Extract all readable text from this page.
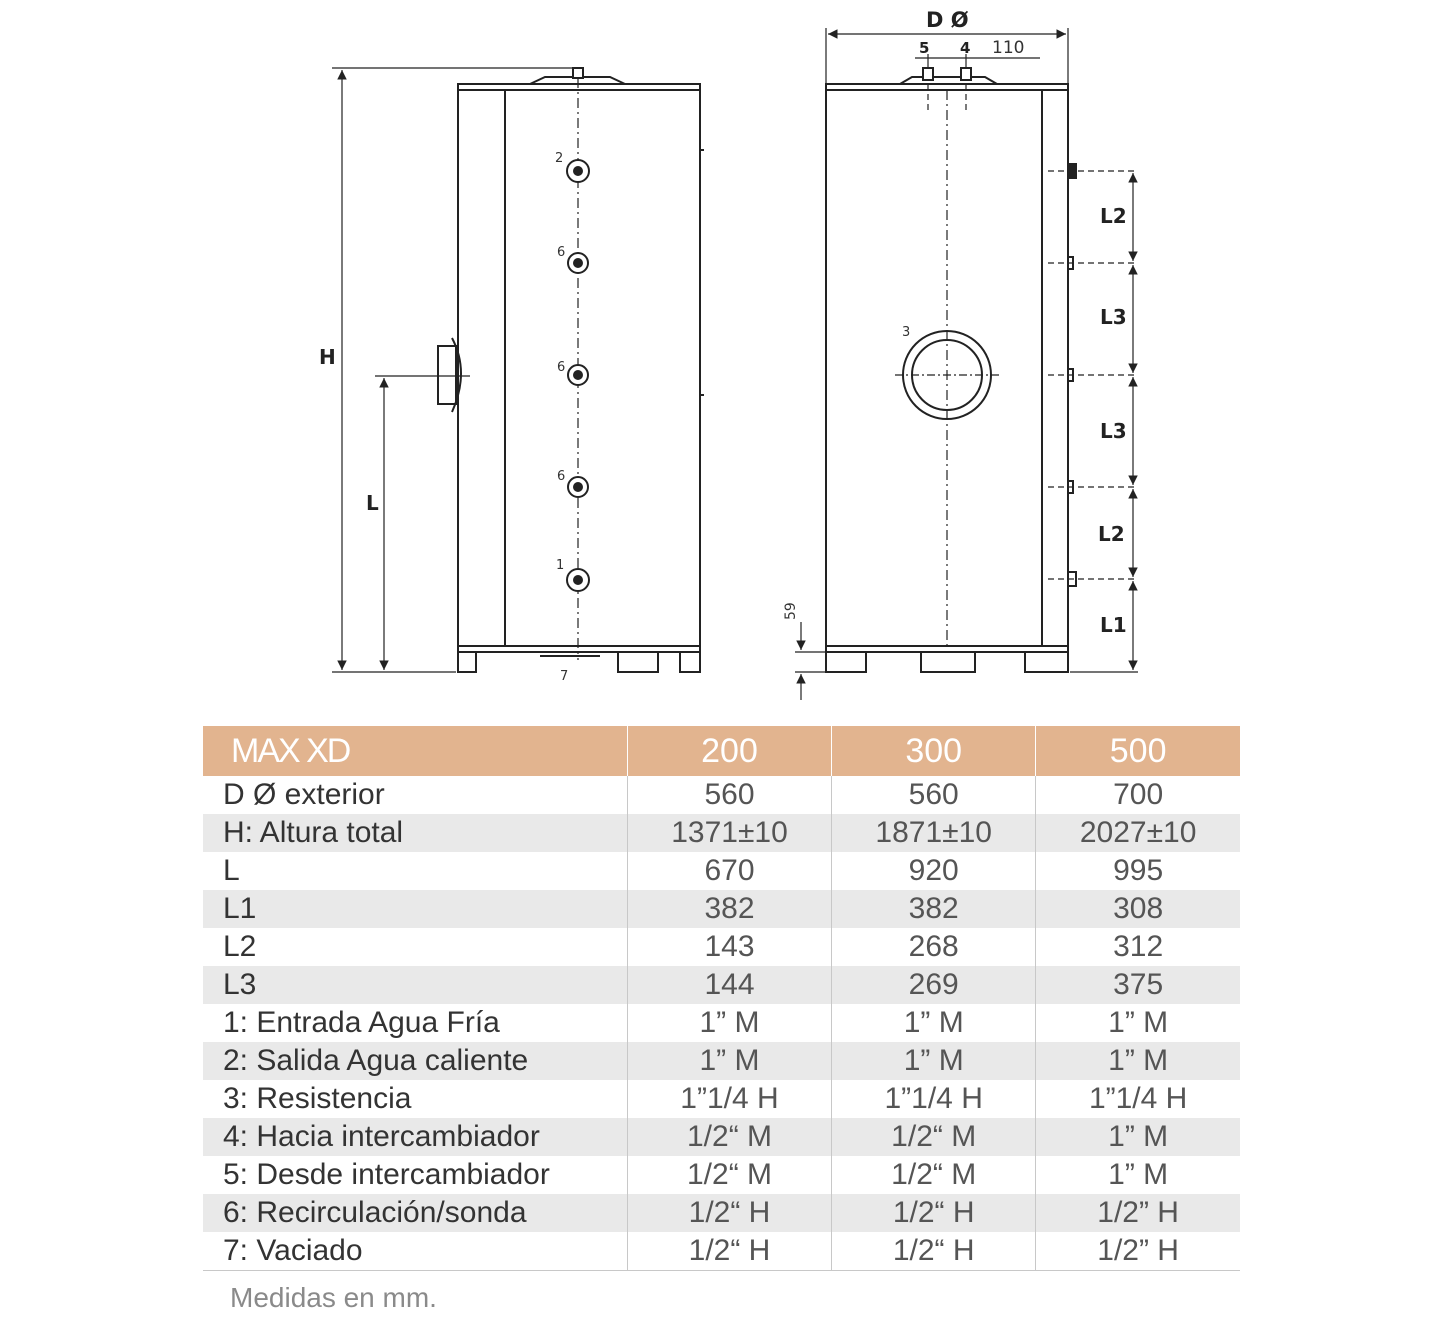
H
L
2
6
6
6
1
7
D Ø
5 4 110
3
59
L2
L3
L3
L2
L1
MAX XD	200	300	500
D Ø exterior	560	560	700
H: Altura total	1371±10	1871±10	2027±10
L	670	920	995
L1	382	382	308
L2	143	268	312
L3	144	269	375
1: Entrada Agua Fría	1” M	1” M	1” M
2: Salida Agua caliente	1” M	1” M	1” M
3: Resistencia	1”1/4 H	1”1/4 H	1”1/4 H
4: Hacia intercambiador	1/2“ M	1/2“ M	1” M
5: Desde intercambiador	1/2“ M	1/2“ M	1” M
6: Recirculación/sonda	1/2“ H	1/2“ H	1/2” H
7: Vaciado	1/2“ H	1/2“ H	1/2” H
Medidas en mm.
